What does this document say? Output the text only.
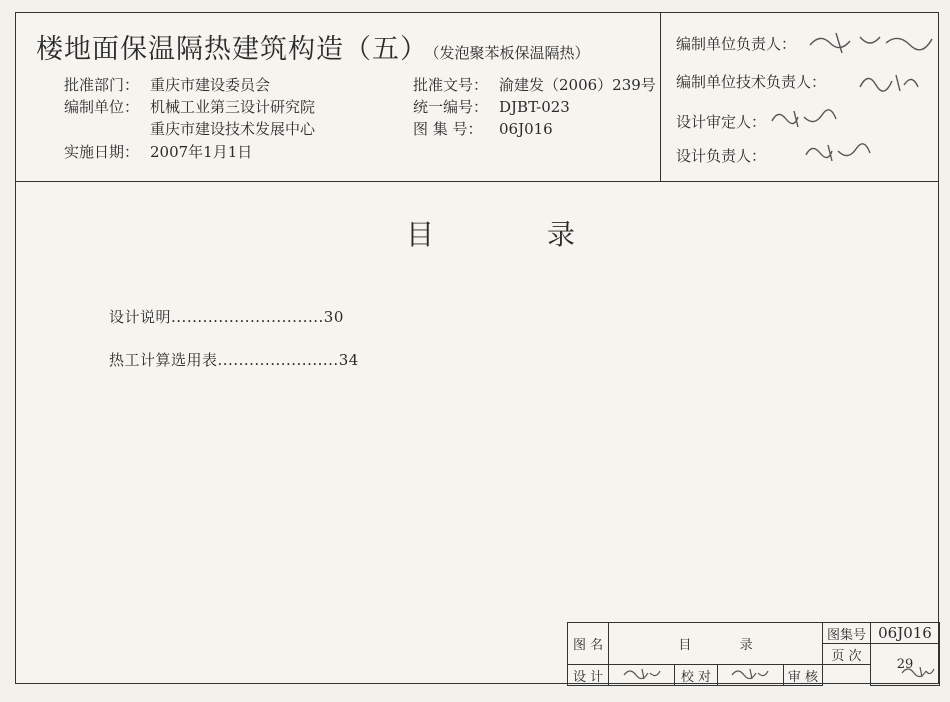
楼地面保温隔热建筑构造（五） （发泡聚苯板保温隔热）
批准部门： 重庆市建设委员会
编制单位： 机械工业第三设计研究院
重庆市建设技术发展中心
实施日期： 2007年1月1日
批准文号： 渝建发（2006）239号
统一编号： DJBT-023
图 集 号： 06J016
编制单位负责人：
编制单位技术负责人：
设计审定人：
设计负责人：
目	录
设计说明.............................30
热工计算选用表.......................34
图 名	目 录				图集号	06J016
					页 次	29
设 计		校 对		审 核		
